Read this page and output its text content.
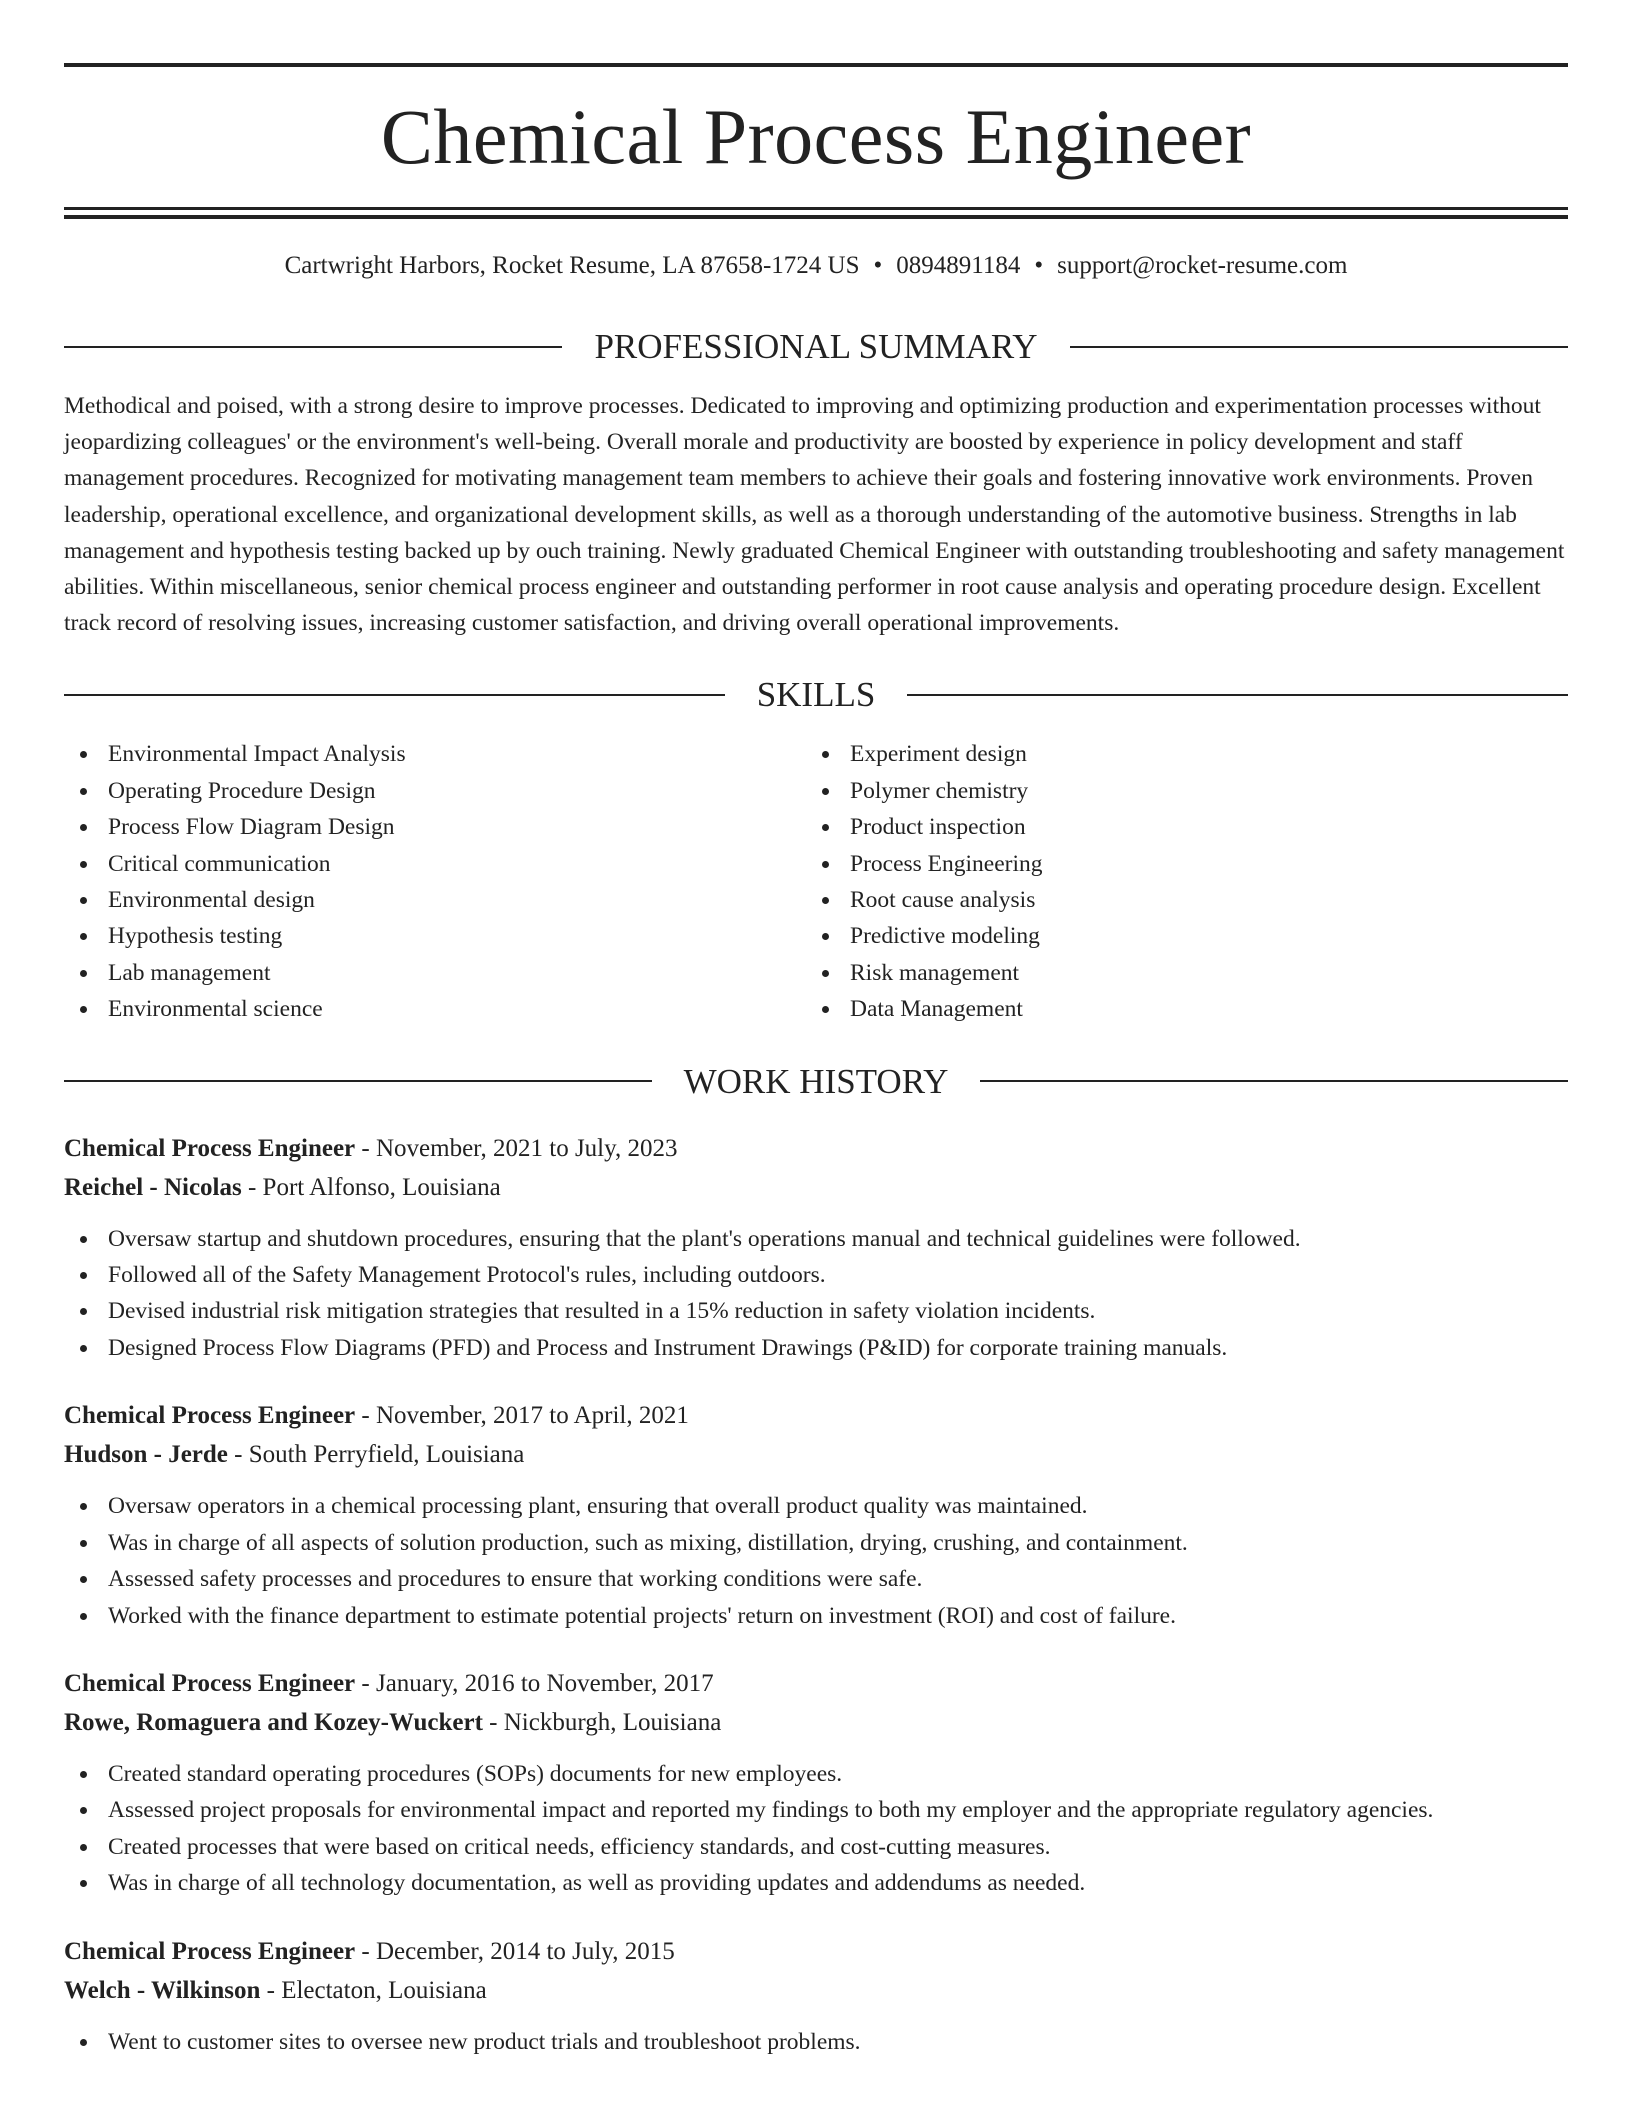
Chemical Process Engineer
Cartwright Harbors, Rocket Resume, LA 87658-1724 US • 0894891184 • support@rocket-resume.com
PROFESSIONAL SUMMARY
Methodical and poised, with a strong desire to improve processes. Dedicated to improving and optimizing production and experimentation processes without jeopardizing colleagues' or the environment's well-being. Overall morale and productivity are boosted by experience in policy development and staff management procedures. Recognized for motivating management team members to achieve their goals and fostering innovative work environments. Proven leadership, operational excellence, and organizational development skills, as well as a thorough understanding of the automotive business. Strengths in lab management and hypothesis testing backed up by ouch training. Newly graduated Chemical Engineer with outstanding troubleshooting and safety management abilities. Within miscellaneous, senior chemical process engineer and outstanding performer in root cause analysis and operating procedure design. Excellent track record of resolving issues, increasing customer satisfaction, and driving overall operational improvements.
SKILLS
Environmental Impact Analysis
Operating Procedure Design
Process Flow Diagram Design
Critical communication
Environmental design
Hypothesis testing
Lab management
Environmental science
Experiment design
Polymer chemistry
Product inspection
Process Engineering
Root cause analysis
Predictive modeling
Risk management
Data Management
WORK HISTORY
Chemical Process Engineer - November, 2021 to July, 2023
Reichel - Nicolas - Port Alfonso, Louisiana
Oversaw startup and shutdown procedures, ensuring that the plant's operations manual and technical guidelines were followed.
Followed all of the Safety Management Protocol's rules, including outdoors.
Devised industrial risk mitigation strategies that resulted in a 15% reduction in safety violation incidents.
Designed Process Flow Diagrams (PFD) and Process and Instrument Drawings (P&ID) for corporate training manuals.
Chemical Process Engineer - November, 2017 to April, 2021
Hudson - Jerde - South Perryfield, Louisiana
Oversaw operators in a chemical processing plant, ensuring that overall product quality was maintained.
Was in charge of all aspects of solution production, such as mixing, distillation, drying, crushing, and containment.
Assessed safety processes and procedures to ensure that working conditions were safe.
Worked with the finance department to estimate potential projects' return on investment (ROI) and cost of failure.
Chemical Process Engineer - January, 2016 to November, 2017
Rowe, Romaguera and Kozey-Wuckert - Nickburgh, Louisiana
Created standard operating procedures (SOPs) documents for new employees.
Assessed project proposals for environmental impact and reported my findings to both my employer and the appropriate regulatory agencies.
Created processes that were based on critical needs, efficiency standards, and cost-cutting measures.
Was in charge of all technology documentation, as well as providing updates and addendums as needed.
Chemical Process Engineer - December, 2014 to July, 2015
Welch - Wilkinson - Electaton, Louisiana
Went to customer sites to oversee new product trials and troubleshoot problems.
